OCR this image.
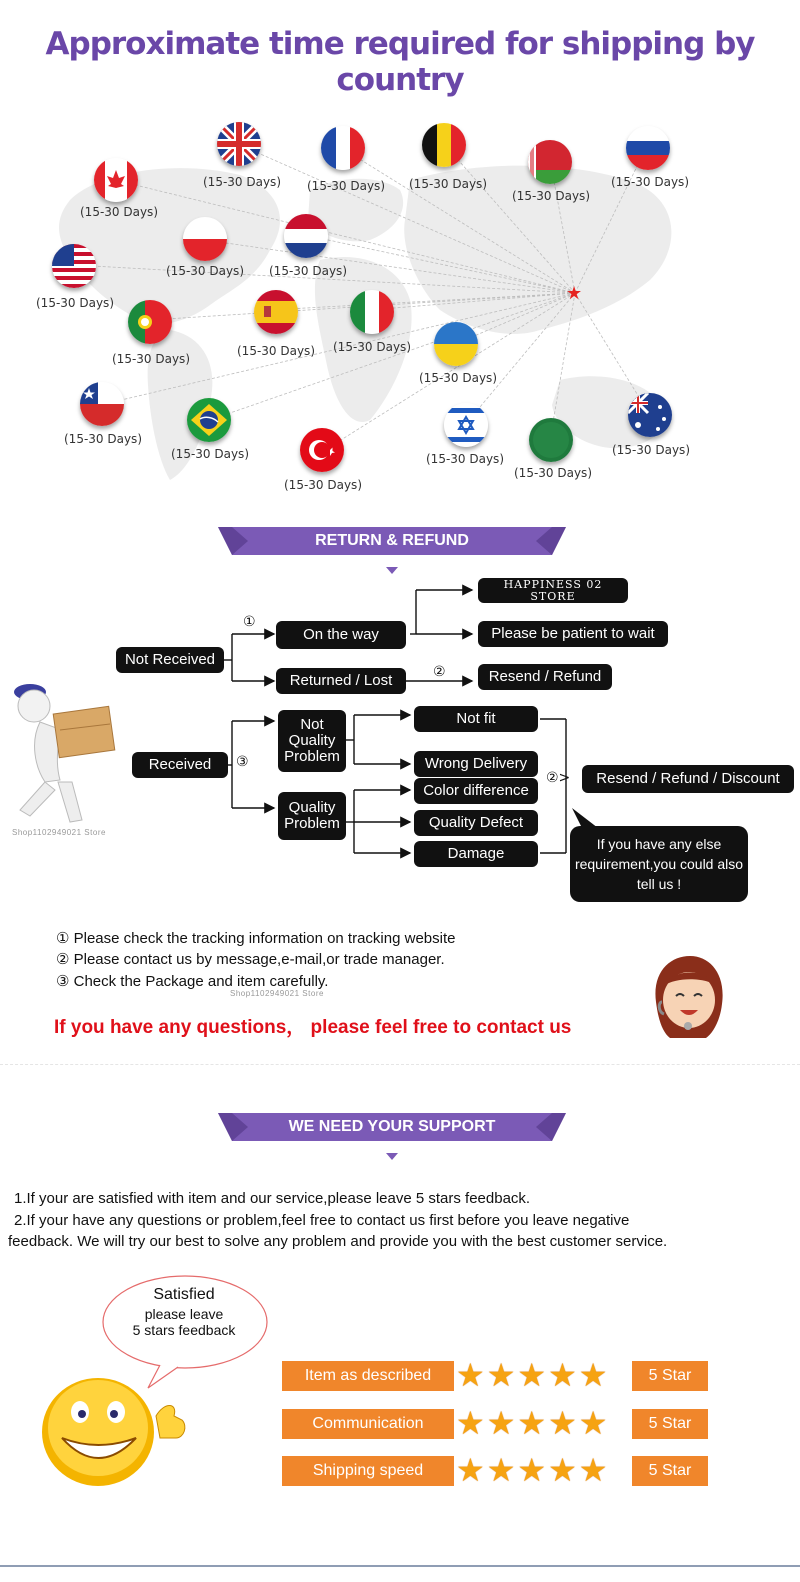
Approximate time required for shipping by country
(15-30 Days)
(15-30 Days) (15-30 Days) (15-30 Days)
(15-30 Days)
(15-30 Days)
(15-30 Days) (15-30 Days)
(15-30 Days)
(15-30 Days)
(15-30 Days) (15-30 Days)
(15-30 Days)
(15-30 Days)
(15-30 Days)
(15-30 Days)
(15-30 Days)
(15-30 Days)
(15-30 Days)
★
RETURN & REFUND
①
②
③
②>
Not Received
On the way
Returned / Lost
HAPPINESS 02 STORE
Please be patient to wait
Resend / Refund
Received
Not Quality Problem
Quality Problem
Not fit
Wrong Delivery
Color difference
Quality Defect
Damage
Resend / Refund / Discount
If you have any else requirement,you could also tell us !
Shop1102949021 Store
① Please check the tracking information on tracking website
② Please contact us by message,e-mail,or trade manager.
③ Check the Package and item carefully.
Shop1102949021 Store
If you have any questions， please feel free to contact us
WE NEED YOUR SUPPORT
1.If your are satisfied with item and our service,please leave 5 stars feedback.
2.If your have any questions or problem,feel free to contact us first before you leave negative
feedback. We will try our best to solve any problem and provide you with the best customer service.
Satisfied
please leave
5 stars feedback
Item as described ★ ★ ★ ★ ★	5 Star
Communication	★ ★ ★ ★ ★	5 Star
Shipping speed	★ ★ ★ ★ ★	5 Star
